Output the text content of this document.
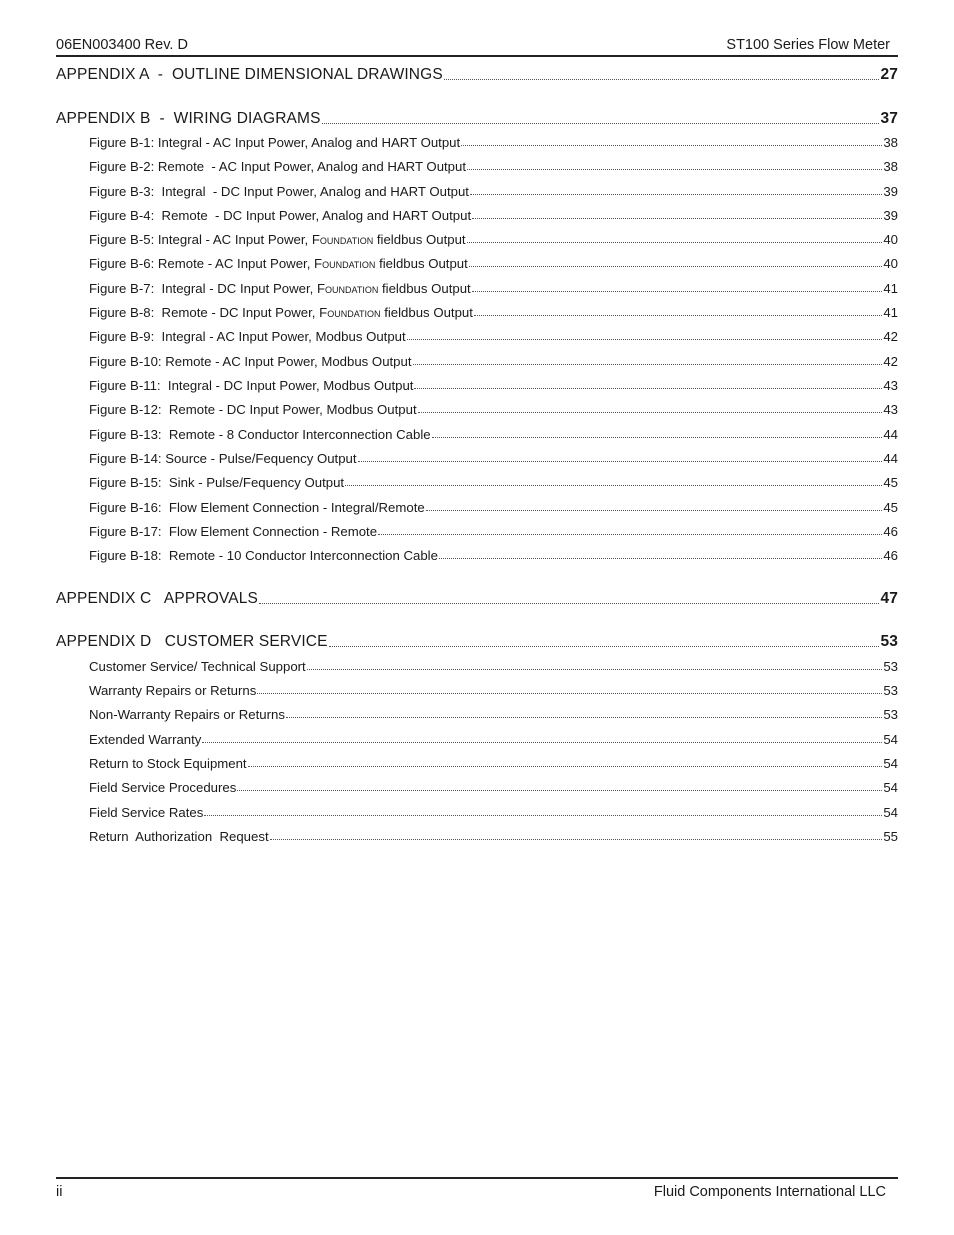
06EN003400 Rev. D	ST100 Series Flow Meter
APPENDIX A  -  OUTLINE DIMENSIONAL DRAWINGS	27
APPENDIX B  -  WIRING DIAGRAMS	37
Figure B-1: Integral - AC Input Power, Analog and HART Output	38
Figure B-2: Remote  - AC Input Power, Analog and HART Output	38
Figure B-3:  Integral  - DC Input Power, Analog and HART Output	39
Figure B-4:  Remote  - DC Input Power, Analog and HART Output	39
Figure B-5: Integral - AC Input Power, Foundation fieldbus Output	40
Figure B-6: Remote - AC Input Power, Foundation fieldbus Output	40
Figure B-7:  Integral - DC Input Power, Foundation fieldbus Output	41
Figure B-8:  Remote - DC Input Power, Foundation fieldbus Output	41
Figure B-9:  Integral - AC Input Power, Modbus Output	42
Figure B-10: Remote - AC Input Power, Modbus Output	42
Figure B-11:  Integral - DC Input Power, Modbus Output	43
Figure B-12:  Remote - DC Input Power, Modbus Output	43
Figure B-13:  Remote - 8 Conductor Interconnection Cable	44
Figure B-14: Source - Pulse/Fequency Output	44
Figure B-15:  Sink - Pulse/Fequency Output	45
Figure B-16:  Flow Element Connection - Integral/Remote	45
Figure B-17:  Flow Element Connection - Remote	46
Figure B-18:  Remote - 10 Conductor Interconnection Cable	46
APPENDIX C   APPROVALS	47
APPENDIX D   CUSTOMER SERVICE	53
Customer Service/ Technical Support	53
Warranty Repairs or Returns	53
Non-Warranty Repairs or Returns	53
Extended Warranty	54
Return to Stock Equipment	54
Field Service Procedures	54
Field Service Rates	54
Return  Authorization  Request	55
ii	Fluid Components International LLC
